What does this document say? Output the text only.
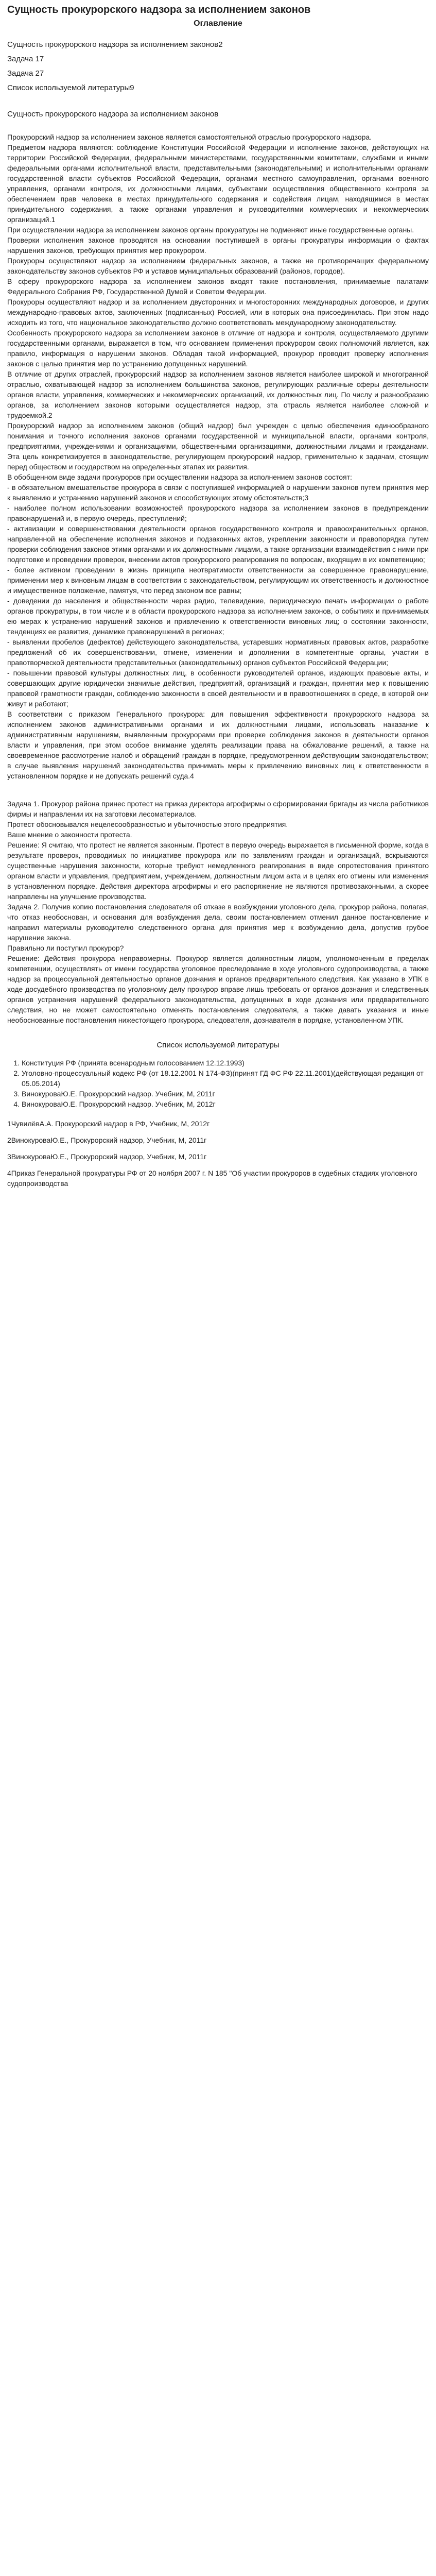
Сущность прокурорского надзора за исполнением законов
Оглавление
Сущность прокурорского надзора за исполнением законов2
Задача 17
Задача 27
Список используемой литературы9
Сущность прокурорского надзора за исполнением законов

Прокурорский надзор за исполнением законов является самостоятельной отраслью прокурорского надзора.

Предметом надзора являются: соблюдение Конституции Российской Федерации и исполнение законов, действующих на территории Российской Федерации, федеральными министерствами, государственными комитетами, службами и иными федеральными органами исполнительной власти, представительными (законодательными) и исполнительными органами государственной власти субъектов Российской Федерации, органами местного самоуправления, органами военного управления, органами контроля, их должностными лицами, субъектами осуществления общественного контроля за обеспечением прав человека в местах принудительного содержания и содействия лицам, находящимся в местах принудительного содержания, а также органами управления и руководителями коммерческих и некоммерческих организаций.1

При осуществлении надзора за исполнением законов органы прокуратуры не подменяют иные государственные органы.

Проверки исполнения законов проводятся на основании поступившей в органы прокуратуры информации о фактах нарушения законов, требующих принятия мер прокурором.

Прокуроры осуществляют надзор за исполнением федеральных законов, а также не противоречащих федеральному законодательству законов субъектов РФ и уставов муниципальных образований (районов, городов).

В сферу прокурорского надзора за исполнением законов входят также постановления, принимаемые палатами Федерального Собрания РФ, Государственной Думой и Советом Федерации.

Прокуроры осуществляют надзор и за исполнением двусторонних и многосторонних международных договоров, и других международно-правовых актов, заключенных (подписанных) Россией, или в которых она присоединилась. При этом надо исходить из того, что национальное законодательство должно соответствовать международному законодательству.

Особенность прокурорского надзора за исполнением законов в отличие от надзора и контроля, осуществляемого другими государственными органами, выражается в том, что основанием применения прокурором своих полномочий является, как правило, информация о нарушении законов. Обладая такой информацией, прокурор проводит проверку исполнения законов с целью принятия мер по устранению допущенных нарушений.

В отличие от других отраслей, прокурорский надзор за исполнением законов является наиболее широкой и многогранной отраслью, охватывающей надзор за исполнением большинства законов, регулирующих различные сферы деятельности органов власти, управления, коммерческих и некоммерческих организаций, их должностных лиц. По числу и разнообразию органов, за исполнением законов которыми осуществляется надзор, эта отрасль является наиболее сложной и трудоемкой.2

Прокурорский надзор за исполнением законов (общий надзор) был учрежден с целью обеспечения единообразного понимания и точного исполнения законов органами государственной и муниципальной власти, органами контроля, предприятиями, учреждениями и организациями, общественными организациями, должностными лицами и гражданами. Эта цель конкретизируется в законодательстве, регулирующем прокурорский надзор, применительно к задачам, стоящим перед обществом и государством на определенных этапах их развития.

В обобщенном виде задачи прокуроров при осуществлении надзора за исполнением законов состоят:

- в обязательном вмешательстве прокурора в связи с поступившей информацией о нарушении законов путем принятия мер к выявлению и устранению нарушений законов и способствующих этому обстоятельств;3

- наиболее полном использовании возможностей прокурорского надзора за исполнением законов в предупреждении правонарушений и, в первую очередь, преступлений;

- активизации и совершенствовании деятельности органов государственного контроля и правоохранительных органов, направленной на обеспечение исполнения законов и подзаконных актов, укреплении законности и правопорядка путем проверки соблюдения законов этими органами и их должностными лицами, а также организации взаимодействия с ними при подготовке и проведении проверок, внесении актов прокурорского реагирования по вопросам, входящим в их компетенцию;

- более активном проведении в жизнь принципа неотвратимости ответственности за совершенное правонарушение, применении мер к виновным лицам в соответствии с законодательством, регулирующим их ответственность и должностное и имущественное положение, памятуя, что перед законом все равны;

- доведении до населения и общественности через радио, телевидение, периодическую печать информации о работе органов прокуратуры, в том числе и в области прокурорского надзора за исполнением законов, о событиях и принимаемых ею мерах к устранению нарушений законов и привлечению к ответственности виновных лиц; о состоянии законности, тенденциях ее развития, динамике правонарушений в регионах;

- выявлении пробелов (дефектов) действующего законодательства, устаревших нормативных правовых актов, разработке предложений об их совершенствовании, отмене, изменении и дополнении в компетентные органы, участии в правотворческой деятельности представительных (законодательных) органов субъектов Российской Федерации;

- повышении правовой культуры должностных лиц, в особенности руководителей органов, издающих правовые акты, и совершающих другие юридически значимые действия, предприятий, организаций и граждан, принятии мер к повышению правовой грамотности граждан, соблюдению законности в своей деятельности и в правоотношениях в среде, в которой они живут и работают;

В соответствии с приказом Генерального прокурора: для повышения эффективности прокурорского надзора за исполнением законов административными органами и их должностными лицами, использовать наказание к административным нарушениям, выявленным прокурорами при проверке соблюдения законов в деятельности органов власти и управления, при этом особое внимание уделять реализации права на обжалование решений, а также на своевременное рассмотрение жалоб и обращений граждан в порядке, предусмотренном действующим законодательством; в случае выявления нарушений законодательства принимать меры к привлечению виновных лиц к ответственности в установленном порядке и не допускать решений суда.4

Задача 1. Прокурор района принес протест на приказ директора агрофирмы о сформировании бригады из числа работников фирмы и направлении их на заготовки лесоматериалов.

Протест обосновывался нецелесообразностью и убыточностью этого предприятия.

Ваше мнение о законности протеста.

Решение: Я считаю, что протест не является законным. Протест в первую очередь выражается в письменной форме, когда в результате проверок, проводимых по инициативе прокурора или по заявлениям граждан и организаций, вскрываются существенные нарушения законности, которые требуют немедленного реагирования в виде опротестования принятого органом власти и управления, предприятием, учреждением, должностным лицом акта и в целях его отмены или изменения в установленном порядке. Действия директора агрофирмы и его распоряжение не являются противозаконными, а скорее направлены на улучшение производства.

Задача 2. Получив копию постановления следователя об отказе в возбуждении уголовного дела, прокурор района, полагая, что отказ необоснован, и основания для возбуждения дела, своим постановлением отменил данное постановление и направил материалы руководителю следственного органа для принятия мер к возбуждению дела, допустив грубое нарушение закона.

Правильно ли поступил прокурор?

Решение: Действия прокурора неправомерны. Прокурор является должностным лицом, уполномоченным в пределах компетенции, осуществлять от имени государства уголовное преследование в ходе уголовного судопроизводства, а также надзор за процессуальной деятельностью органов дознания и органов предварительного следствия. Как указано в УПК в ходе досудебного производства по уголовному делу прокурор вправе лишь требовать от органов дознания и следственных органов устранения нарушений федерального законодательства, допущенных в ходе дознания или предварительного следствия, но не может самостоятельно отменять постановления следователя, а также давать указания и иные необоснованные постановления нижестоящего прокурора, следователя, дознавателя в порядке, установленном УПК.

Список используемой литературы
1. Конституция РФ (принята всенародным голосованием 12.12.1993)
2. Уголовно-процессуальный кодекс РФ (от 18.12.2001 N 174-ФЗ)(принят ГД ФС РФ 22.11.2001)(действующая редакция от 05.05.2014)
3. ВинокуроваЮ.Е. Прокурорский надзор. Учебник, М, 2011г
4. ВинокуроваЮ.Е. Прокурорский надзор. Учебник, М, 2012г
1ЧувилёвА.А. Прокурорский надзор в РФ, Учебник, М, 2012г
2ВинокуроваЮ.Е., Прокурорский надзор, Учебник, М, 2011г
3ВинокуроваЮ.Е., Прокурорский надзор, Учебник, М, 2011г
4Приказ Генеральной прокуратуры РФ от 20 ноября 2007 г. N 185 "Об участии прокуроров в судебных стадиях уголовного судопроизводства
